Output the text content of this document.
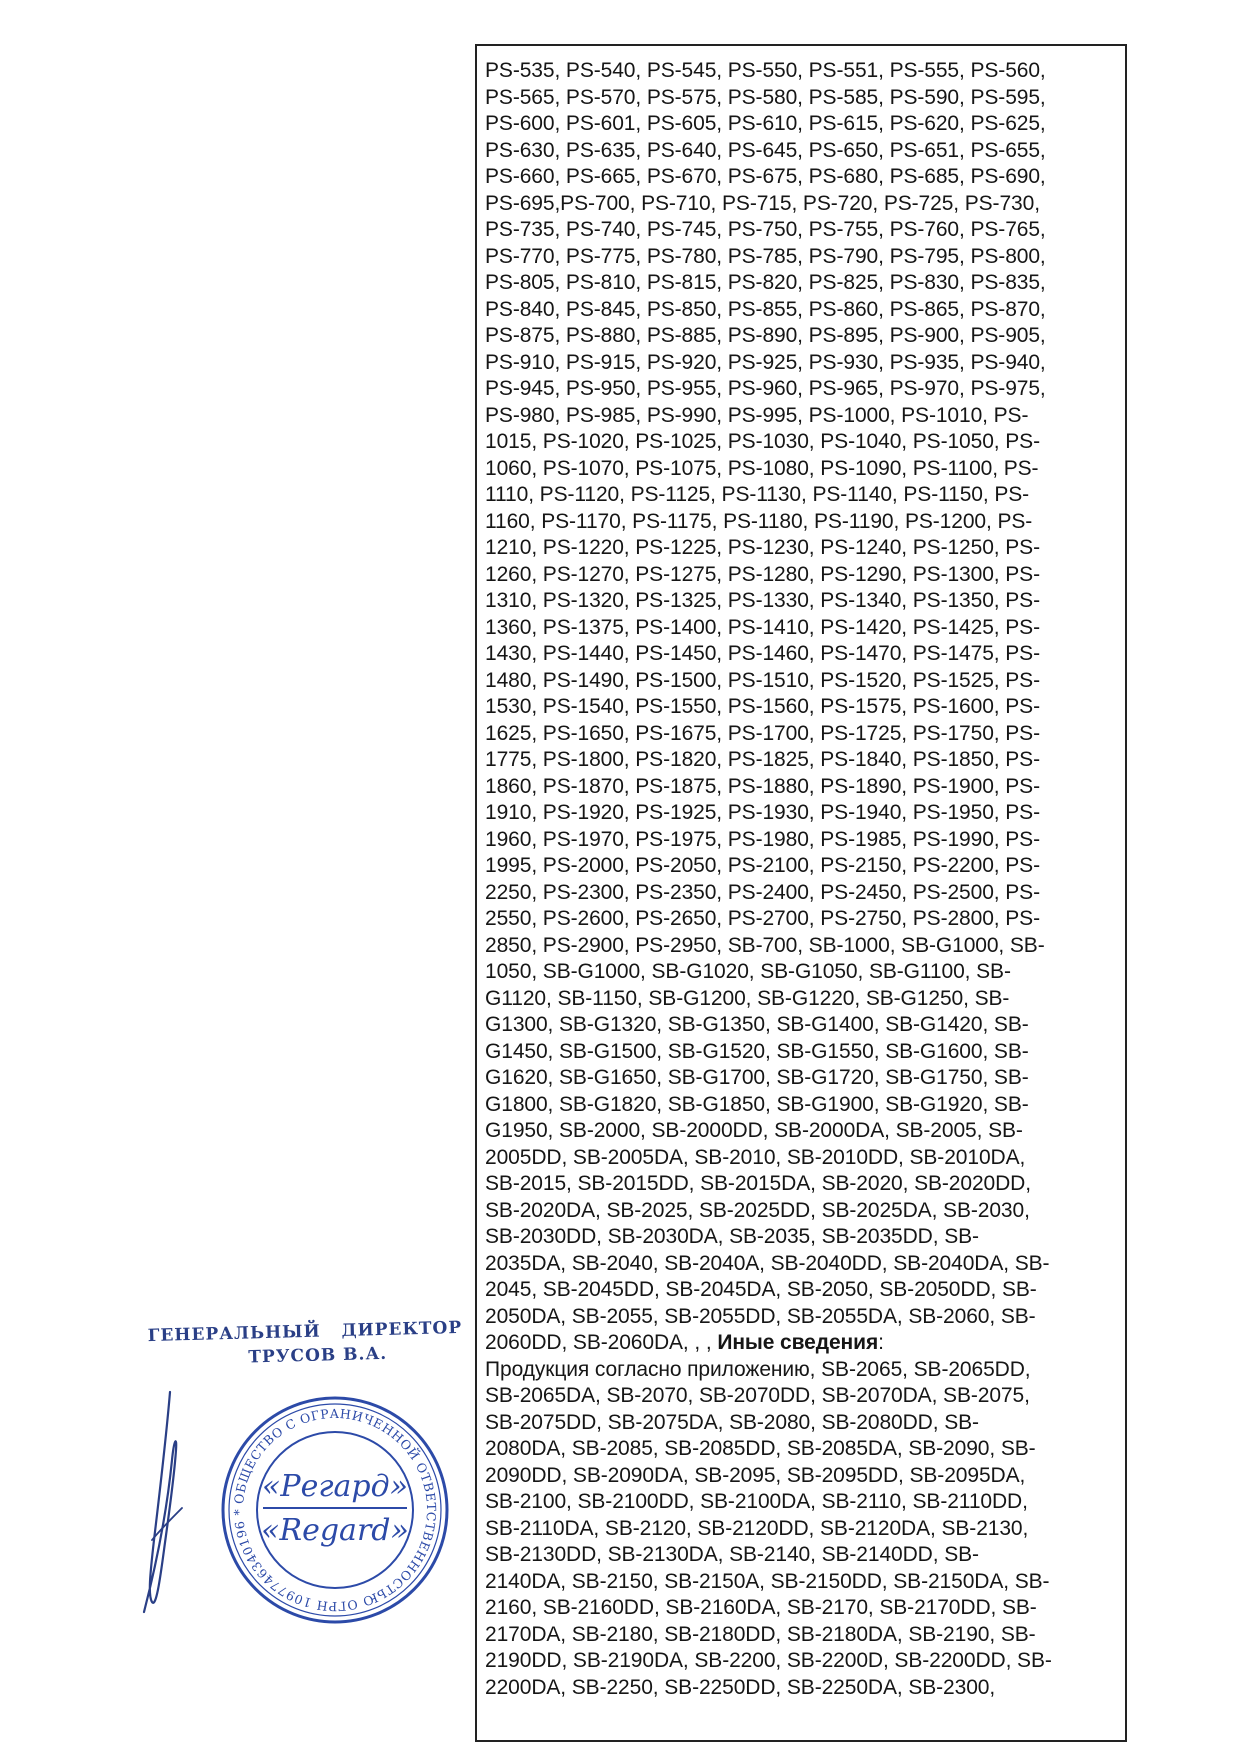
PS-535, PS-540, PS-545, PS-550, PS-551, PS-555, PS-560,
PS-565, PS-570, PS-575, PS-580, PS-585, PS-590, PS-595,
PS-600, PS-601, PS-605, PS-610, PS-615, PS-620, PS-625,
PS-630, PS-635, PS-640, PS-645, PS-650, PS-651, PS-655,
PS-660, PS-665, PS-670, PS-675, PS-680, PS-685, PS-690,
PS-695,PS-700, PS-710, PS-715, PS-720, PS-725, PS-730,
PS-735, PS-740, PS-745, PS-750, PS-755, PS-760, PS-765,
PS-770, PS-775, PS-780, PS-785, PS-790, PS-795, PS-800,
PS-805, PS-810, PS-815, PS-820, PS-825, PS-830, PS-835,
PS-840, PS-845, PS-850, PS-855, PS-860, PS-865, PS-870,
PS-875, PS-880, PS-885, PS-890, PS-895, PS-900, PS-905,
PS-910, PS-915, PS-920, PS-925, PS-930, PS-935, PS-940,
PS-945, PS-950, PS-955, PS-960, PS-965, PS-970, PS-975,
PS-980, PS-985, PS-990, PS-995, PS-1000, PS-1010, PS-
1015, PS-1020, PS-1025, PS-1030, PS-1040, PS-1050, PS-
1060, PS-1070, PS-1075, PS-1080, PS-1090, PS-1100, PS-
1110, PS-1120, PS-1125, PS-1130, PS-1140, PS-1150, PS-
1160, PS-1170, PS-1175, PS-1180, PS-1190, PS-1200, PS-
1210, PS-1220, PS-1225, PS-1230, PS-1240, PS-1250, PS-
1260, PS-1270, PS-1275, PS-1280, PS-1290, PS-1300, PS-
1310, PS-1320, PS-1325, PS-1330, PS-1340, PS-1350, PS-
1360, PS-1375, PS-1400, PS-1410, PS-1420, PS-1425, PS-
1430, PS-1440, PS-1450, PS-1460, PS-1470, PS-1475, PS-
1480, PS-1490, PS-1500, PS-1510, PS-1520, PS-1525, PS-
1530, PS-1540, PS-1550, PS-1560, PS-1575, PS-1600, PS-
1625, PS-1650, PS-1675, PS-1700, PS-1725, PS-1750, PS-
1775, PS-1800, PS-1820, PS-1825, PS-1840, PS-1850, PS-
1860, PS-1870, PS-1875, PS-1880, PS-1890, PS-1900, PS-
1910, PS-1920, PS-1925, PS-1930, PS-1940, PS-1950, PS-
1960, PS-1970, PS-1975, PS-1980, PS-1985, PS-1990, PS-
1995, PS-2000, PS-2050, PS-2100, PS-2150, PS-2200, PS-
2250, PS-2300, PS-2350, PS-2400, PS-2450, PS-2500, PS-
2550, PS-2600, PS-2650, PS-2700, PS-2750, PS-2800, PS-
2850, PS-2900, PS-2950, SB-700, SB-1000, SB-G1000, SB-
1050, SB-G1000, SB-G1020, SB-G1050, SB-G1100, SB-
G1120, SB-1150, SB-G1200, SB-G1220, SB-G1250, SB-
G1300, SB-G1320, SB-G1350, SB-G1400, SB-G1420, SB-
G1450, SB-G1500, SB-G1520, SB-G1550, SB-G1600, SB-
G1620, SB-G1650, SB-G1700, SB-G1720, SB-G1750, SB-
G1800, SB-G1820, SB-G1850, SB-G1900, SB-G1920, SB-
G1950, SB-2000, SB-2000DD, SB-2000DA, SB-2005, SB-
2005DD, SB-2005DA, SB-2010, SB-2010DD, SB-2010DA,
SB-2015, SB-2015DD, SB-2015DA, SB-2020, SB-2020DD,
SB-2020DA, SB-2025, SB-2025DD, SB-2025DA, SB-2030,
SB-2030DD, SB-2030DA, SB-2035, SB-2035DD, SB-
2035DA, SB-2040, SB-2040A, SB-2040DD, SB-2040DA, SB-
2045, SB-2045DD, SB-2045DA, SB-2050, SB-2050DD, SB-
2050DA, SB-2055, SB-2055DD, SB-2055DA, SB-2060, SB-
2060DD, SB-2060DA, , , Иные сведения:
Продукция согласно приложению, SB-2065, SB-2065DD,
SB-2065DA, SB-2070, SB-2070DD, SB-2070DA, SB-2075,
SB-2075DD, SB-2075DA, SB-2080, SB-2080DD, SB-
2080DA, SB-2085, SB-2085DD, SB-2085DA, SB-2090, SB-
2090DD, SB-2090DA, SB-2095, SB-2095DD, SB-2095DA,
SB-2100, SB-2100DD, SB-2100DA, SB-2110, SB-2110DD,
SB-2110DA, SB-2120, SB-2120DD, SB-2120DA, SB-2130,
SB-2130DD, SB-2130DA, SB-2140, SB-2140DD, SB-
2140DA, SB-2150, SB-2150A, SB-2150DD, SB-2150DA, SB-
2160, SB-2160DD, SB-2160DA, SB-2170, SB-2170DD, SB-
2170DA, SB-2180, SB-2180DD, SB-2180DA, SB-2190, SB-
2190DD, SB-2190DA, SB-2200, SB-2200D, SB-2200DD, SB-
2200DA, SB-2250, SB-2250DD, SB-2250DA, SB-2300,
ГЕНЕРАЛЬНЫЙ ДИРЕКТОР
ТРУСОВ В.А.
ОБЩЕСТВО С ОГРАНИЧЕННОЙ ОТВЕТСТВЕННОСТЬЮ ОГРН 1097746340196 *
«Регард»
«Regard»
